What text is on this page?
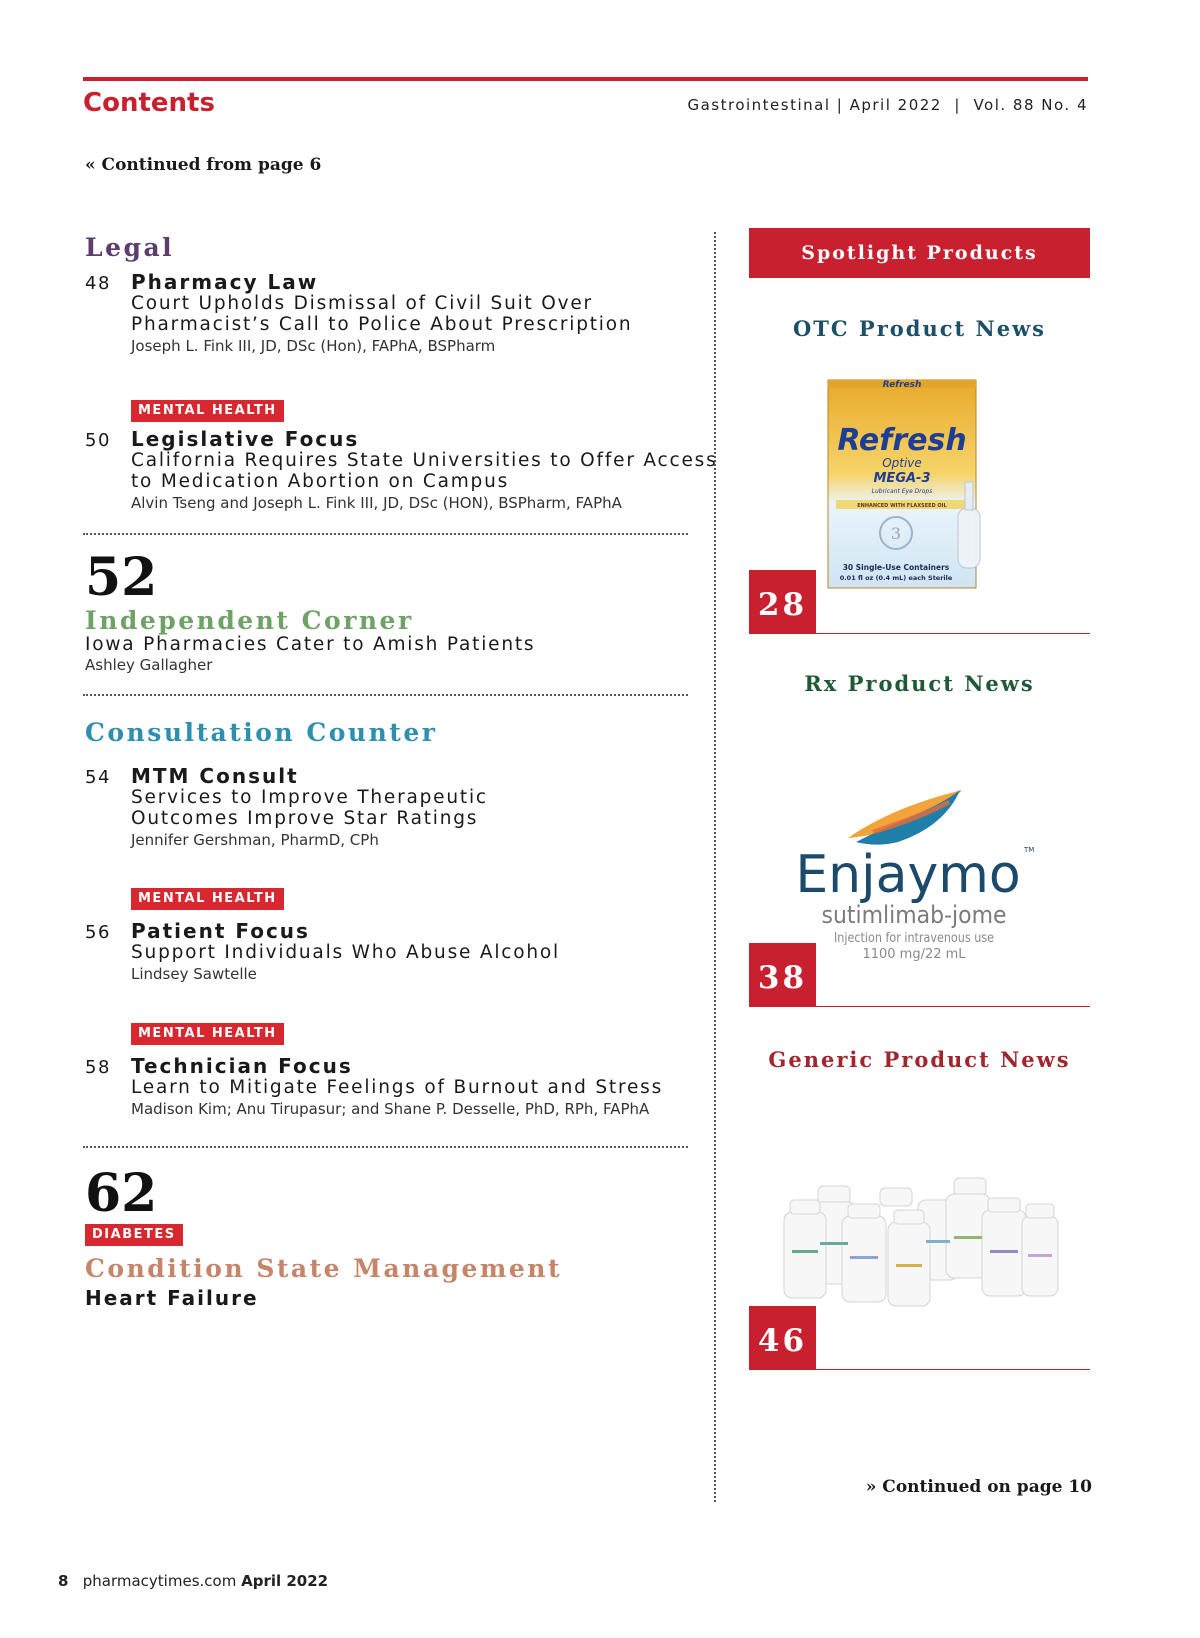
Contents	Gastrointestinal | April 2022  |  Vol. 88 No. 4
« Continued from page 6
Legal
48 Pharmacy Law
Court Upholds Dismissal of Civil Suit Over
Pharmacist’s Call to Police About Prescription
Joseph L. Fink III, JD, DSc (Hon), FAPhA, BSPharm
MENTAL HEALTH
50 Legislative Focus
California Requires State Universities to Offer Access
to Medication Abortion on Campus
Alvin Tseng and Joseph L. Fink III, JD, DSc (HON), BSPharm, FAPhA
52
Independent Corner
Iowa Pharmacies Cater to Amish Patients
Ashley Gallagher
Consultation Counter
54 MTM Consult
Services to Improve Therapeutic
Outcomes Improve Star Ratings
Jennifer Gershman, PharmD, CPh
MENTAL HEALTH
56 Patient Focus
Support Individuals Who Abuse Alcohol
Lindsey Sawtelle
MENTAL HEALTH
58 Technician Focus
Learn to Mitigate Feelings of Burnout and Stress
Madison Kim; Anu Tirupasur; and Shane P. Desselle, PhD, RPh, FAPhA
62
DIABETES
Condition State Management
Heart Failure
Spotlight Products
OTC Product News
Refresh
Refresh
Optive
MEGA-3
Lubricant Eye Drops
ENHANCED WITH FLAXSEED OIL
3
30 Single-Use Containers
0.01 fl oz (0.4 mL) each Sterile
28
Rx Product News
Enjaymo TM
sutimlimab-jome
Injection for intravenous use
1100 mg/22 mL
38
Generic Product News
46
» Continued on page 10
8 pharmacytimes.com April 2022
